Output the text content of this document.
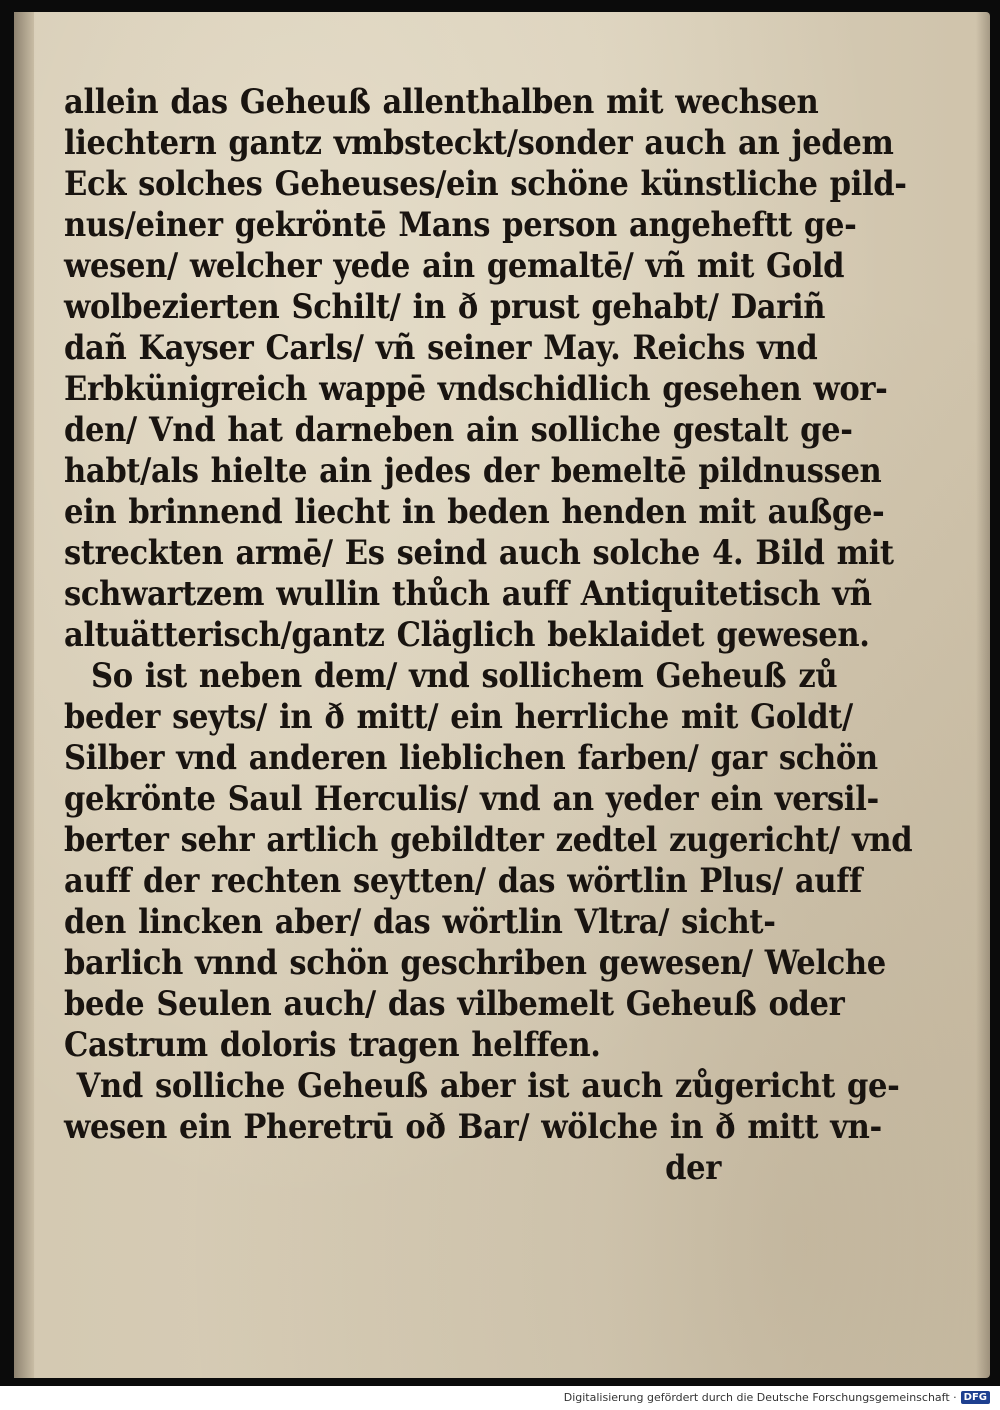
allein das Geheuß allenthalben mit wechsen
liechtern gantz vmbsteckt/sonder auch an jedem
Eck solches Geheuses/ein schöne künstliche pild-
nus/einer gekröntē Mans person angeheftt ge-
wesen/ welcher yede ain gemaltē/ vñ mit Gold
wolbezierten Schilt/ in ð prust gehabt/ Dariñ
dañ Kayser Carls/ vñ seiner May. Reichs vnd
Erbkünigreich wappē vndschidlich gesehen wor-
den/ Vnd hat darneben ain solliche gestalt ge-
habt/als hielte ain jedes der bemeltē pildnussen
ein brinnend liecht in beden henden mit außge-
streckten armē/ Es seind auch solche 4. Bild mit
schwartzem wullin thůch auff Antiquitetisch vñ
altuätterisch/gantz Cläglich beklaidet gewesen.
So ist neben dem/ vnd sollichem Geheuß zů
beder seyts/ in ð mitt/ ein herrliche mit Goldt/
Silber vnd anderen lieblichen farben/ gar schön
gekrönte Saul Herculis/ vnd an yeder ein versil-
berter sehr artlich gebildter zedtel zugericht/ vnd
auff der rechten seytten/ das wörtlin Plus/ auff
den lincken aber/ das wörtlin Vltra/ sicht-
barlich vnnd schön geschriben gewesen/ Welche
bede Seulen auch/ das vilbemelt Geheuß oder
Castrum doloris tragen helffen.
Vnd solliche Geheuß aber ist auch zůgericht ge-
wesen ein Pheretrū oð Bar/ wölche in ð mitt vn-
der
Digitalisierung gefördert durch die Deutsche Forschungsgemeinschaft · DFG
